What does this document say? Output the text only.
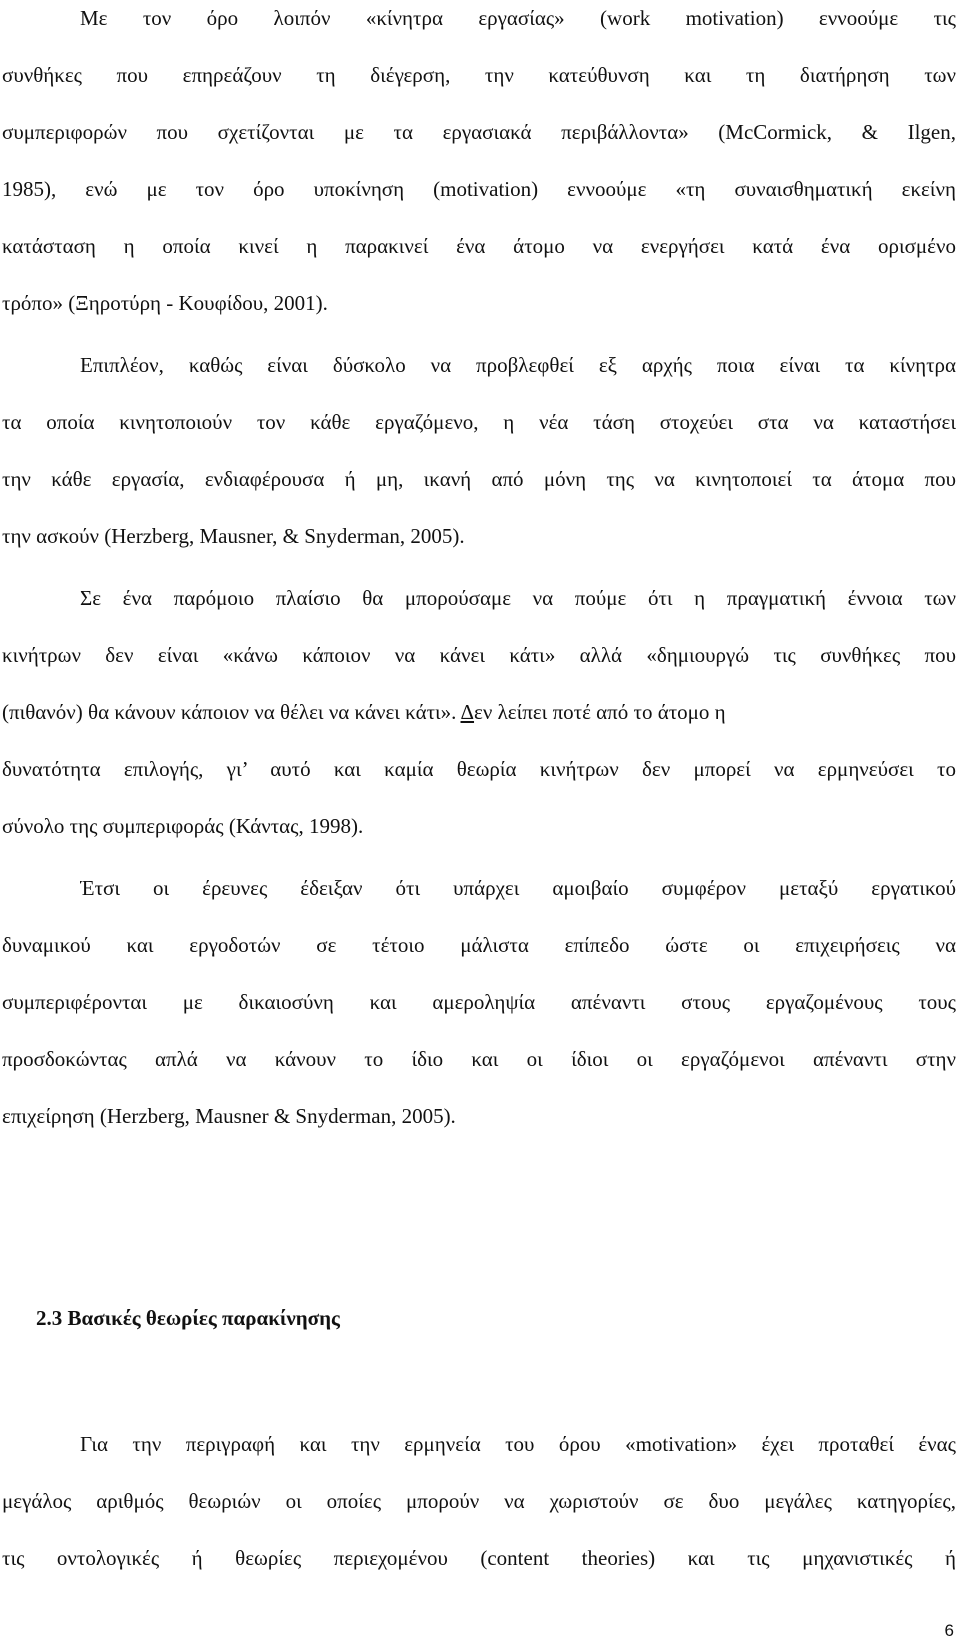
Με τον όρο λοιπόν «κίνητρα εργασίας» (work motivation) εννοούμε τις
συνθήκες που επηρεάζουν τη διέγερση, την κατεύθυνση και τη διατήρηση των
συμπεριφορών που σχετίζονται με τα εργασιακά περιβάλλοντα» (McCormick, & Ilgen,
1985), ενώ με τον όρο υποκίνηση (motivation) εννοούμε «τη συναισθηματική εκείνη
κατάσταση η οποία κινεί η παρακινεί ένα άτομο να ενεργήσει κατά ένα ορισμένο
τρόπο» (Ξηροτύρη - Κουφίδου, 2001).
Επιπλέον, καθώς είναι δύσκολο να προβλεφθεί εξ αρχής ποια είναι τα κίνητρα
τα οποία κινητοποιούν τον κάθε εργαζόμενο, η νέα τάση στοχεύει στα να καταστήσει
την κάθε εργασία, ενδιαφέρουσα ή μη, ικανή από μόνη της να κινητοποιεί τα άτομα που
την ασκούν (Herzberg, Mausner, & Snyderman, 2005).
Σε ένα παρόμοιο πλαίσιο θα μπορούσαμε να πούμε ότι η πραγματική έννοια των
κινήτρων δεν είναι «κάνω κάποιον να κάνει κάτι» αλλά «δημιουργώ τις συνθήκες που
(πιθανόν) θα κάνουν κάποιον να θέλει να κάνει κάτι». Δεν λείπει ποτέ από το άτομο η
δυνατότητα επιλογής, γι’ αυτό και καμία θεωρία κινήτρων δεν μπορεί να ερμηνεύσει το
σύνολο της συμπεριφοράς (Κάντας, 1998).
Έτσι οι έρευνες έδειξαν ότι υπάρχει αμοιβαίο συμφέρον μεταξύ εργατικού
δυναμικού και εργοδοτών σε τέτοιο μάλιστα επίπεδο ώστε οι επιχειρήσεις να
συμπεριφέρονται με δικαιοσύνη και αμεροληψία απέναντι στους εργαζομένους τους
προσδοκώντας απλά να κάνουν το ίδιο και οι ίδιοι οι εργαζόμενοι απέναντι στην
επιχείρηση (Herzberg, Mausner & Snyderman, 2005).
2.3 Βασικές θεωρίες παρακίνησης
Για την περιγραφή και την ερμηνεία του όρου «motivation» έχει προταθεί ένας
μεγάλος αριθμός θεωριών οι οποίες μπορούν να χωριστούν σε δυο μεγάλες κατηγορίες,
τις οντολογικές ή θεωρίες περιεχομένου (content theories) και τις μηχανιστικές ή
6
